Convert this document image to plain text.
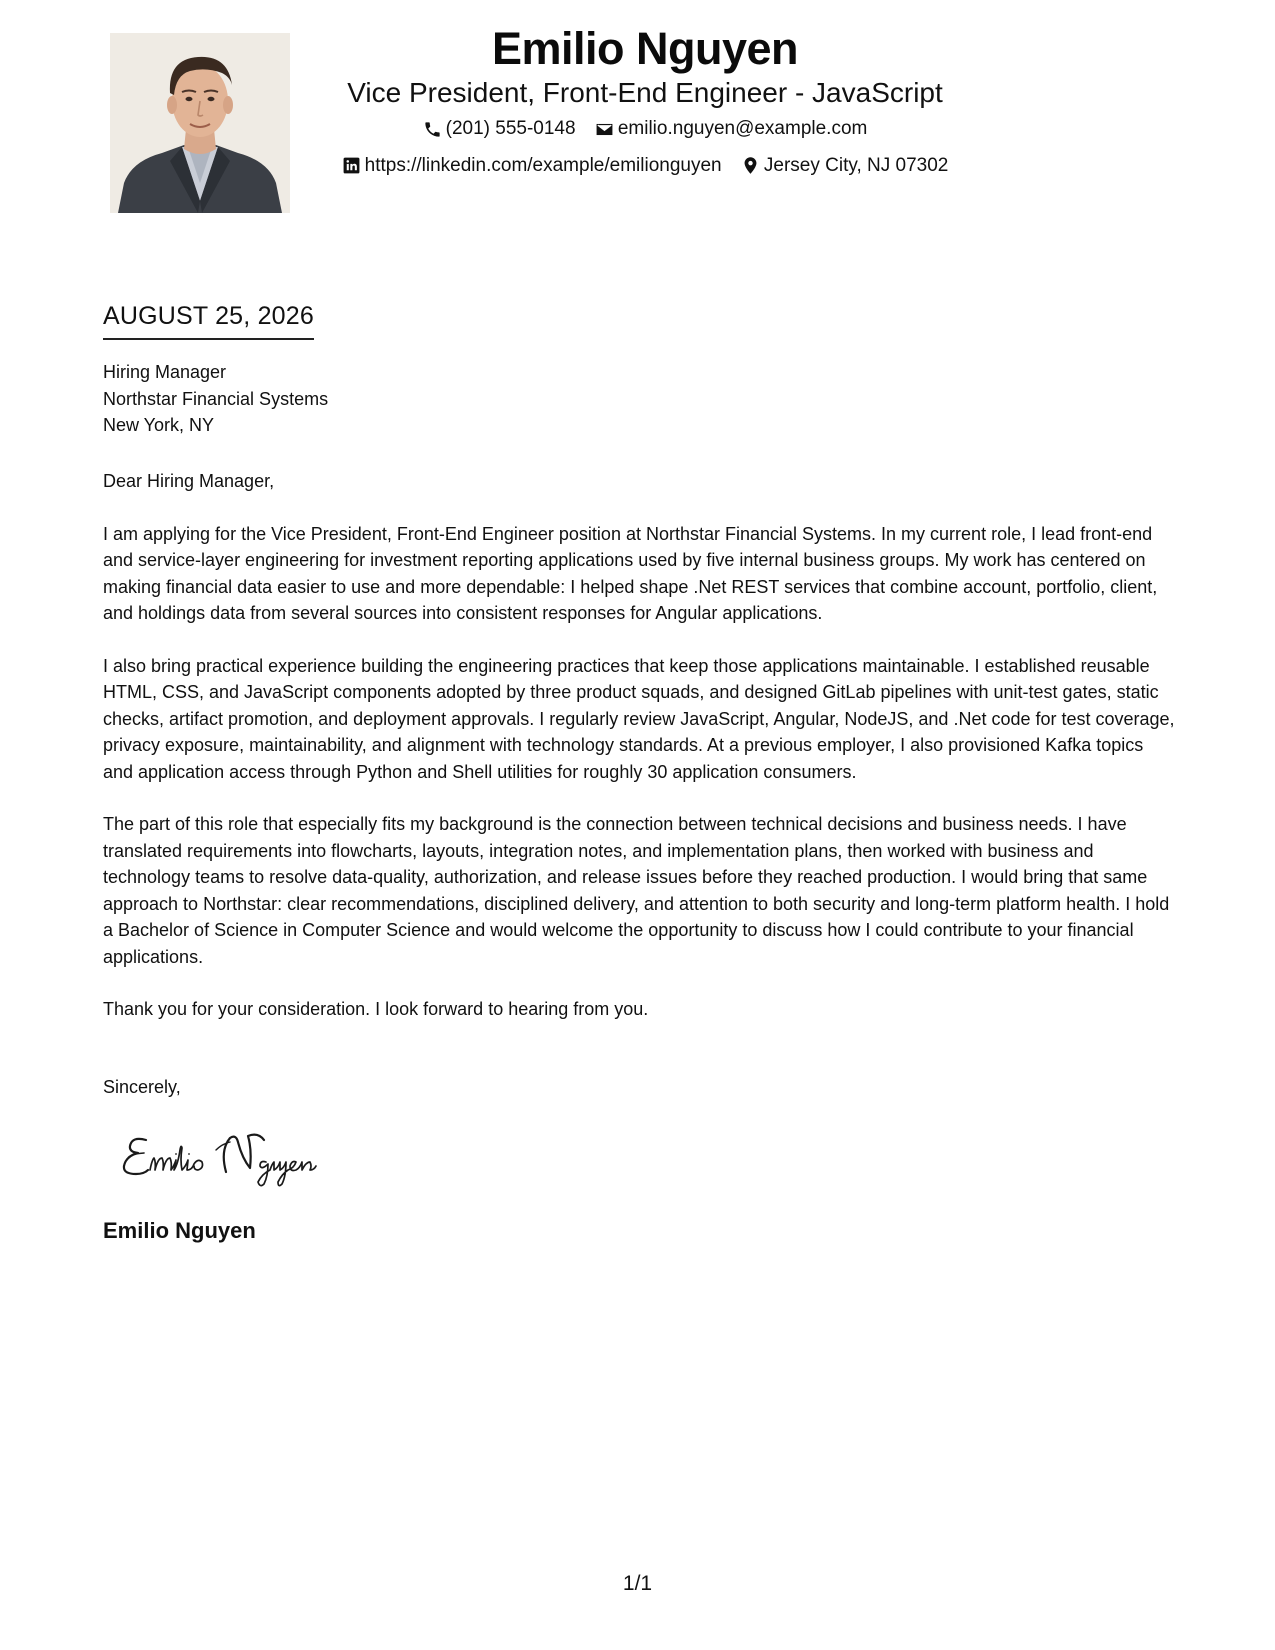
Emilio Nguyen
Vice President, Front-End Engineer - JavaScript
(201) 555-0148
emilio.nguyen@example.com
https://linkedin.com/example/emilionguyen
Jersey City, NJ 07302
AUGUST 25, 2026
Hiring Manager
Northstar Financial Systems
New York, NY

Dear Hiring Manager,

I am applying for the Vice President, Front-End Engineer position at Northstar Financial Systems. In my current role, I lead front-end and service-layer engineering for investment reporting applications used by five internal business groups. My work has centered on making financial data easier to use and more dependable: I helped shape .Net REST services that combine account, portfolio, client, and holdings data from several sources into consistent responses for Angular applications.

I also bring practical experience building the engineering practices that keep those applications maintainable. I established reusable HTML, CSS, and JavaScript components adopted by three product squads, and designed GitLab pipelines with unit-test gates, static checks, artifact promotion, and deployment approvals. I regularly review JavaScript, Angular, NodeJS, and .Net code for test coverage, privacy exposure, maintainability, and alignment with technology standards. At a previous employer, I also provisioned Kafka topics and application access through Python and Shell utilities for roughly 30 application consumers.

The part of this role that especially fits my background is the connection between technical decisions and business needs. I have translated requirements into flowcharts, layouts, integration notes, and implementation plans, then worked with business and technology teams to resolve data-quality, authorization, and release issues before they reached production. I would bring that same approach to Northstar: clear recommendations, disciplined delivery, and attention to both security and long-term platform health. I hold a Bachelor of Science in Computer Science and would welcome the opportunity to discuss how I could contribute to your financial applications.

Thank you for your consideration. I look forward to hearing from you.

Sincerely,
Emilio Nguyen
1/1
